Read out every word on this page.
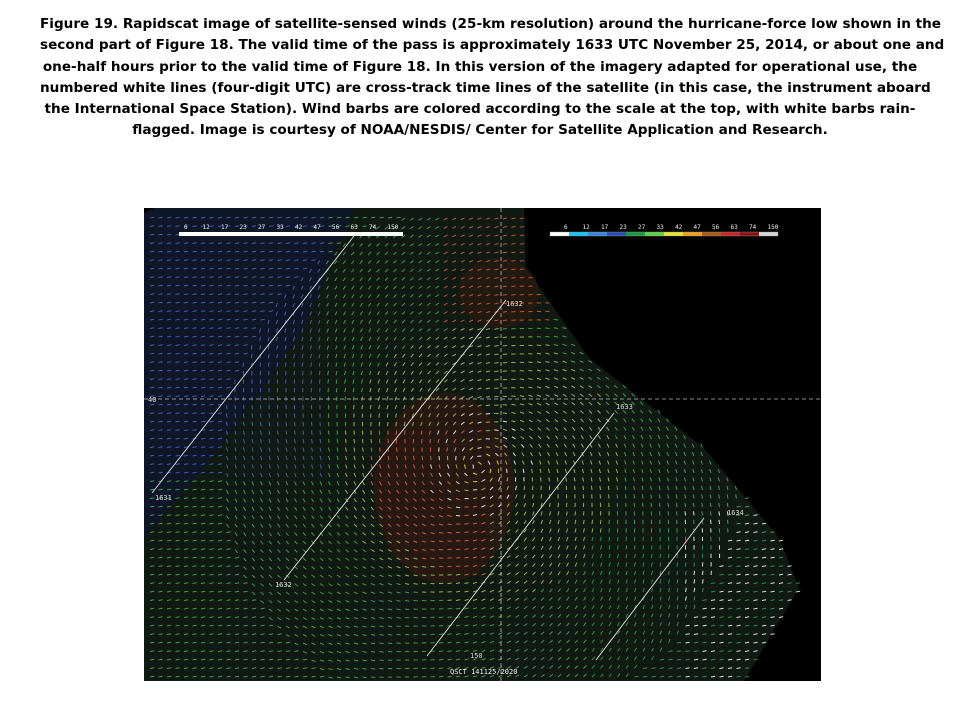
Figure 19. Rapidscat image of satellite-sensed winds (25-km resolution) around the hurricane-force low shown in the
second part of Figure 18. The valid time of the pass is approximately 1633 UTC November 25, 2014, or about one and
one-half hours prior to the valid time of Figure 18. In this version of the imagery adapted for operational use, the
numbered white lines (four-digit UTC) are cross-track time lines of the satellite (in this case, the instrument aboard
the International Space Station). Wind barbs are colored according to the scale at the top, with white barbs rain-
flagged. Image is courtesy of NOAA/NESDIS/ Center for Satellite Application and Research.
1631
1632
1632
1633
1634
40
150
QSCT 141125/2020
6 12 17 23 27 33 42 47 56 63 74 150	6 12 17 23 27 33 42 47 56 63 74 150
